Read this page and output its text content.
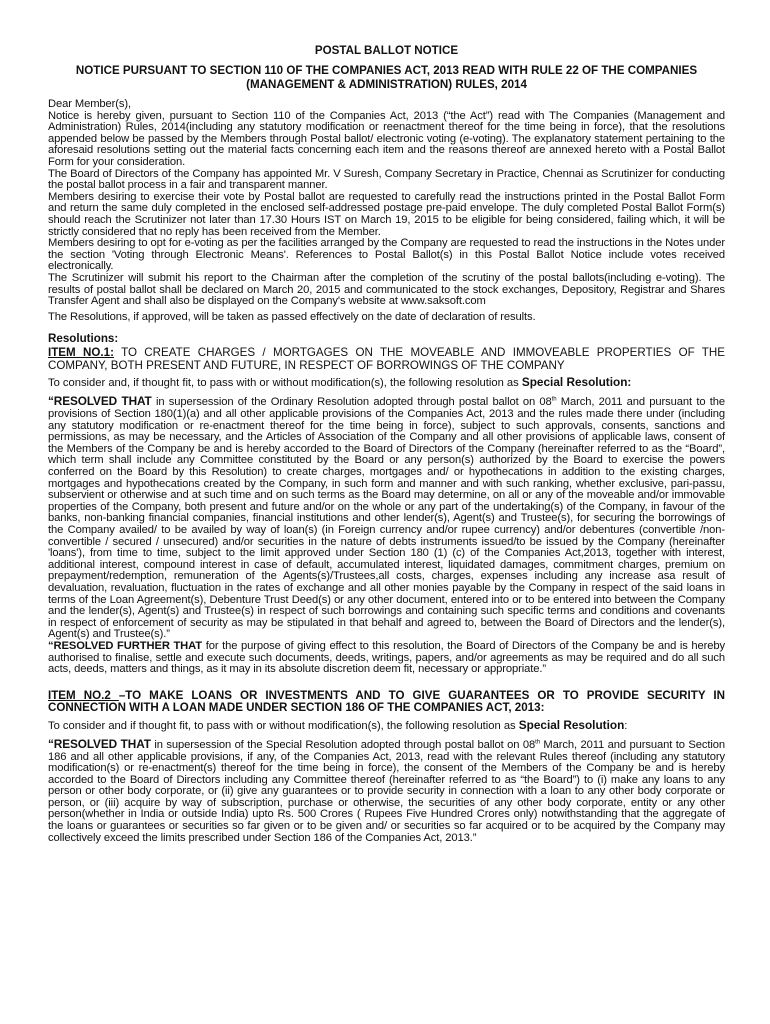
POSTAL BALLOT NOTICE
NOTICE PURSUANT TO SECTION 110 OF THE COMPANIES ACT, 2013 READ WITH RULE 22 OF THE COMPANIES (MANAGEMENT & ADMINISTRATION) RULES, 2014

Dear Member(s),

Notice is hereby given, pursuant to Section 110 of the Companies Act, 2013 (“the Act”) read with The Companies (Management and Administration) Rules, 2014(including any statutory modification or reenactment thereof for the time being in force), that the resolutions appended below be passed by the Members through Postal ballot/ electronic voting (e-voting). The explanatory statement pertaining to the aforesaid resolutions setting out the material facts concerning each item and the reasons thereof are annexed hereto with a Postal Ballot Form for your consideration.

The Board of Directors of the Company has appointed Mr. V Suresh, Company Secretary in Practice, Chennai as Scrutinizer for conducting the postal ballot process in a fair and transparent manner.

Members desiring to exercise their vote by Postal ballot are requested to carefully read the instructions printed in the Postal Ballot Form and return the same duly completed in the enclosed self-addressed postage pre-paid envelope. The duly completed Postal Ballot Form(s) should reach the Scrutinizer not later than 17.30 Hours IST on March 19, 2015 to be eligible for being considered, failing which, it will be strictly considered that no reply has been received from the Member.

Members desiring to opt for e-voting as per the facilities arranged by the Company are requested to read the instructions in the Notes under the section 'Voting through Electronic Means'. References to Postal Ballot(s) in this Postal Ballot Notice include votes received electronically.

The Scrutinizer will submit his report to the Chairman after the completion of the scrutiny of the postal ballots(including e-voting). The results of postal ballot shall be declared on March 20, 2015 and communicated to the stock exchanges, Depository, Registrar and Shares Transfer Agent and shall also be displayed on the Company's website at www.saksoft.com

The Resolutions, if approved, will be taken as passed effectively on the date of declaration of results.

Resolutions:
ITEM NO.1: TO CREATE CHARGES / MORTGAGES ON THE MOVEABLE AND IMMOVEABLE PROPERTIES OF THE COMPANY, BOTH PRESENT AND FUTURE, IN RESPECT OF BORROWINGS OF THE COMPANY
To consider and, if thought fit, to pass with or without modification(s), the following resolution as Special Resolution:

“RESOLVED THAT in supersession of the Ordinary Resolution adopted through postal ballot on 08th March, 2011 and pursuant to the provisions of Section 180(1)(a) and all other applicable provisions of the Companies Act, 2013 and the rules made there under (including any statutory modification or re-enactment thereof for the time being in force), subject to such approvals, consents, sanctions and permissions, as may be necessary, and the Articles of Association of the Company and all other provisions of applicable laws, consent of the Members of the Company be and is hereby accorded to the Board of Directors of the Company (hereinafter referred to as the “Board”, which term shall include any Committee constituted by the Board or any person(s) authorized by the Board to exercise the powers conferred on the Board by this Resolution) to create charges, mortgages and/ or hypothecations in addition to the existing charges, mortgages and hypothecations created by the Company, in such form and manner and with such ranking, whether exclusive, pari-passu, subservient or otherwise and at such time and on such terms as the Board may determine, on all or any of the moveable and/or immovable properties of the Company, both present and future and/or on the whole or any part of the undertaking(s) of the Company, in favour of the banks, non-banking financial companies, financial institutions and other lender(s), Agent(s) and Trustee(s), for securing the borrowings of the Company availed/ to be availed by way of loan(s) (in Foreign currency and/or rupee currency) and/or debentures (convertible /non-convertible / secured / unsecured) and/or securities in the nature of debts instruments issued/to be issued by the Company (hereinafter 'loans'), from time to time, subject to the limit approved under Section 180 (1) (c) of the Companies Act,2013, together with interest, additional interest, compound interest in case of default, accumulated interest, liquidated damages, commitment charges, premium on prepayment/redemption, remuneration of the Agents(s)/Trustees,all costs, charges, expenses including any increase asa result of devaluation, revaluation, fluctuation in the rates of exchange and all other monies payable by the Company in respect of the said loans in terms of the Loan Agreement(s), Debenture Trust Deed(s) or any other document, entered into or to be entered into between the Company and the lender(s), Agent(s) and Trustee(s) in respect of such borrowings and containing such specific terms and conditions and covenants in respect of enforcement of security as may be stipulated in that behalf and agreed to, between the Board of Directors and the lender(s), Agent(s) and Trustee(s).”

“RESOLVED FURTHER THAT for the purpose of giving effect to this resolution, the Board of Directors of the Company be and is hereby authorised to finalise, settle and execute such documents, deeds, writings, papers, and/or agreements as may be required and do all such acts, deeds, matters and things, as it may in its absolute discretion deem fit, necessary or appropriate.”

ITEM NO.2 –TO MAKE LOANS OR INVESTMENTS AND TO GIVE GUARANTEES OR TO PROVIDE SECURITY IN CONNECTION WITH A LOAN MADE UNDER SECTION 186 OF THE COMPANIES ACT, 2013:
To consider and if thought fit, to pass with or without modification(s), the following resolution as Special Resolution:

“RESOLVED THAT in supersession of the Special Resolution adopted through postal ballot on 08th March, 2011 and pursuant to Section 186 and all other applicable provisions, if any, of the Companies Act, 2013, read with the relevant Rules thereof (including any statutory modification(s) or re-enactment(s) thereof for the time being in force), the consent of the Members of the Company be and is hereby accorded to the Board of Directors including any Committee thereof (hereinafter referred to as “the Board”) to (i) make any loans to any person or other body corporate, or (ii) give any guarantees or to provide security in connection with a loan to any other body corporate or person, or (iii) acquire by way of subscription, purchase or otherwise, the securities of any other body corporate, entity or any other person(whether in India or outside India) upto Rs. 500 Crores ( Rupees Five Hundred Crores only) notwithstanding that the aggregate of the loans or guarantees or securities so far given or to be given and/ or securities so far acquired or to be acquired by the Company may collectively exceed the limits prescribed under Section 186 of the Companies Act, 2013.”
